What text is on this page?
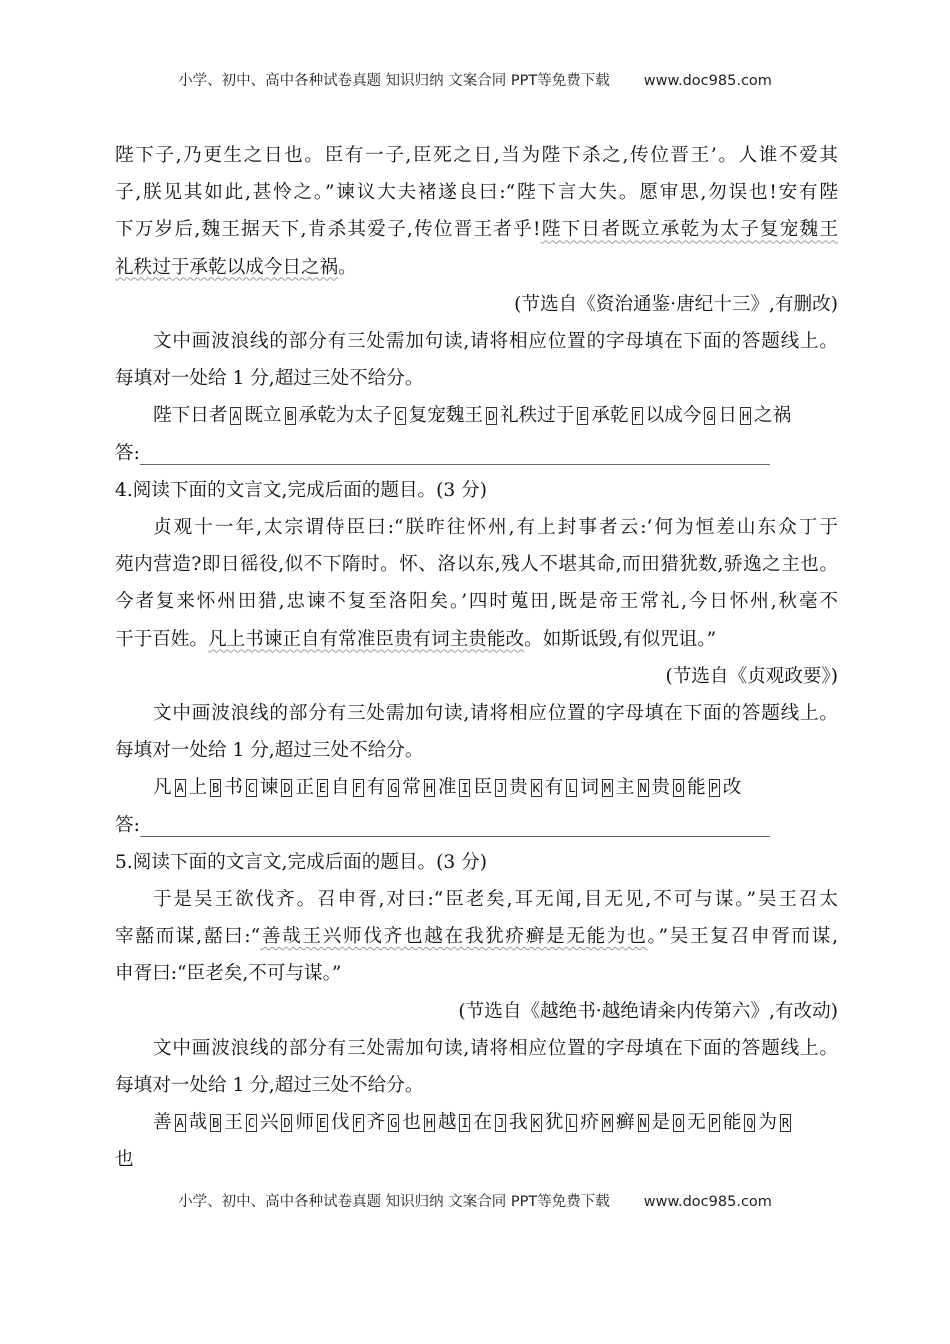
小学、初中、高中各种试卷真题 知识归纳 文案合同 PPT等免费下载 www.doc985.com
陛下子,乃更生之日也。臣有一子,臣死之日,当为陛下杀之,传位晋王’。人谁不爱其
子,朕见其如此,甚怜之。”谏议大夫褚遂良曰:“陛下言大失。愿审思,勿误也!安有陛
下万岁后,魏王据天下,肯杀其爱子,传位晋王者乎!陛下日者既立承乾为太子复宠魏王
礼秩过于承乾以成今日之祸。
(节选自《资治通鉴·唐纪十三》,有删改)
文中画波浪线的部分有三处需加句读,请将相应位置的字母填在下面的答题线上。
每填对一处给 1 分,超过三处不给分。
陛下日者 A 既立 B 承乾为太子 C 复宠魏王 D 礼秩过于 E 承乾 F 以成今 G 日 H 之祸
答:
4.阅读下面的文言文,完成后面的题目。(3 分)
贞观十一年,太宗谓侍臣曰:“朕昨往怀州,有上封事者云:‘何为恒差山东众丁于
苑内营造?即日徭役,似不下隋时。怀、洛以东,残人不堪其命,而田猎犹数,骄逸之主也。
今者复来怀州田猎,忠谏不复至洛阳矣。’四时蒐田,既是帝王常礼,今日怀州,秋毫不
干于百姓。凡上书谏正自有常准臣贵有词主贵能改。如斯诋毁,有似咒诅。”
(节选自《贞观政要》)
文中画波浪线的部分有三处需加句读,请将相应位置的字母填在下面的答题线上。
每填对一处给 1 分,超过三处不给分。
凡 A 上 B 书 C 谏 D 正 E 自 F 有 G 常 H 准 I 臣 J 贵 K 有 L 词 M 主 N 贵 O 能 P 改
答:
5.阅读下面的文言文,完成后面的题目。(3 分)
于是吴王欲伐齐。召申胥,对曰:“臣老矣,耳无闻,目无见,不可与谋。”吴王召太
宰嚭而谋,嚭曰:“善哉王兴师伐齐也越在我犹疥癣是无能为也。”吴王复召申胥而谋,
申胥曰:“臣老矣,不可与谋。”
(节选自《越绝书·越绝请籴内传第六》,有改动)
文中画波浪线的部分有三处需加句读,请将相应位置的字母填在下面的答题线上。
每填对一处给 1 分,超过三处不给分。
善 A 哉 B 王 C 兴 D 师 E 伐 F 齐 G 也 H 越 I 在 J 我 K 犹 L 疥 M 癣 N 是 O 无 P 能 Q 为 R
也
小学、初中、高中各种试卷真题 知识归纳 文案合同 PPT等免费下载 www.doc985.com
